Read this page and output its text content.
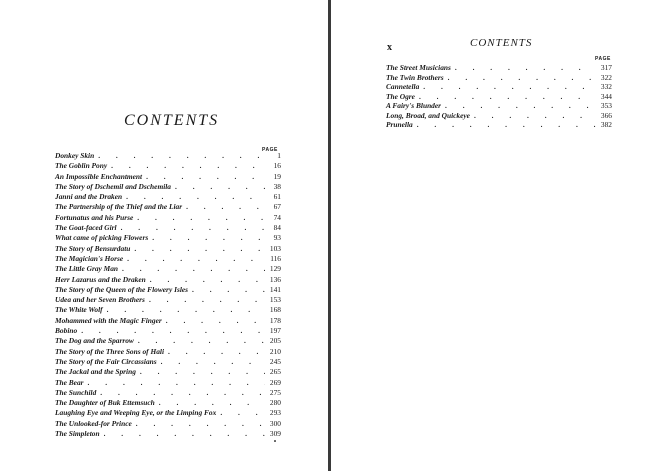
CONTENTS
PAGE
Donkey Skin . . .	1
The Goblin Pony . . .	16
An Impossible Enchantment . . .	19
The Story of Dschemil and Dschemila . . .	38
Janni and the Draken . . .	61
The Partnership of the Thief and the Liar . . .	67
Fortunatus and his Purse . . .	74
The Goat-faced Girl . . .	84
What came of picking Flowers . . .	93
The Story of Bensurdatu . . .	103
The Magician's Horse . . .	116
The Little Gray Man . . .	129
Herr Lazarus and the Draken . . .	136
The Story of the Queen of the Flowery Isles . . .	141
Udea and her Seven Brothers . . .	153
The White Wolf . . .	168
Mohammed with the Magic Finger . . .	178
Bobino . . .	197
The Dog and the Sparrow . . .	205
The Story of the Three Sons of Hali . . .	210
The Story of the Fair Circassians . . .	245
The Jackal and the Spring . . .	265
The Bear . . .	269
The Sunchild . . .	275
The Daughter of Buk Ettemsuch . . .	280
Laughing Eye and Weeping Eye, or the Limping Fox . . .	293
The Unlooked-for Prince . . .	300
The Simpleton . . .	309
x	CONTENTS
PAGE
The Street Musicians . . .	317
The Twin Brothers . . .	322
Cannetella . . .	332
The Ogre . . .	344
A Fairy's Blunder . . .	353
Long, Broad, and Quickeye . . .	366
Prunella . . .	382
